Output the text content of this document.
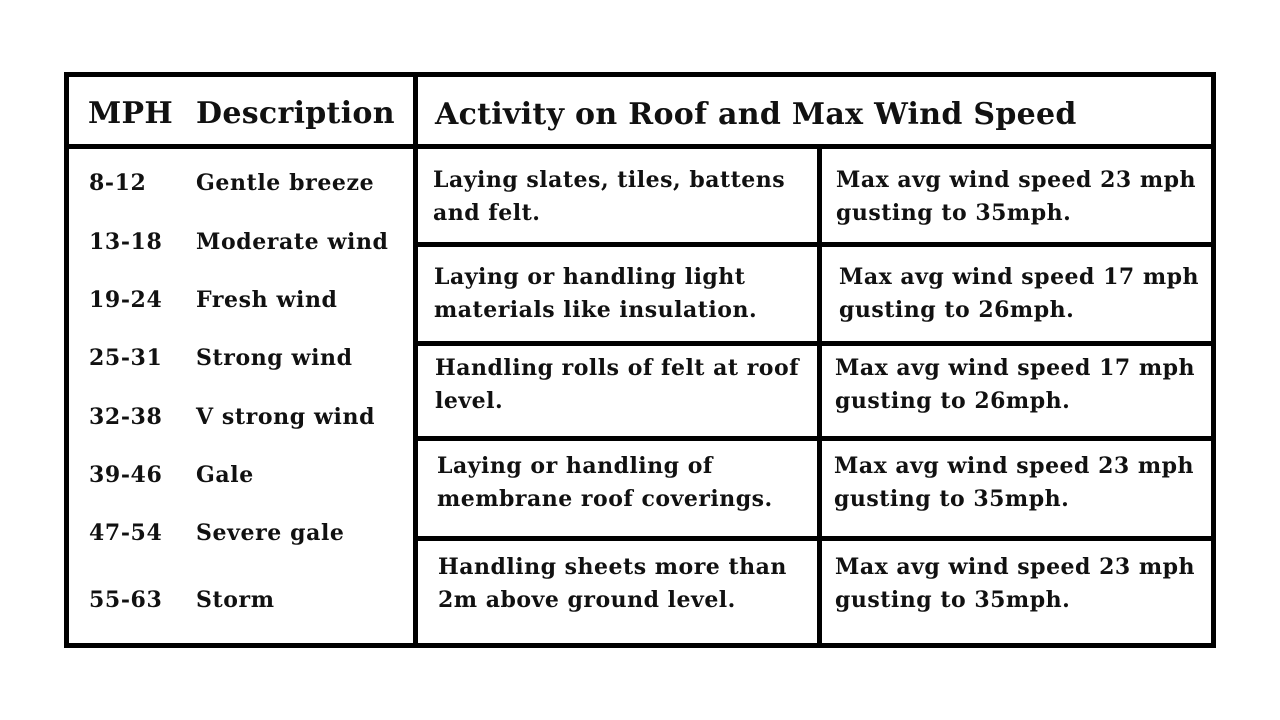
MPH Description Activity on Roof and Max Wind Speed
8-12 Gentle breeze
13-18 Moderate wind
19-24 Fresh wind
25-31 Strong wind
32-38 V strong wind
39-46 Gale
47-54 Severe gale
55-63 Storm
Laying slates, tiles, battens
and felt.
Max avg wind speed 23 mph
gusting to 35mph.
Laying or handling light
materials like insulation.
Max avg wind speed 17 mph
gusting to 26mph.
Handling rolls of felt at roof
level.
Max avg wind speed 17 mph
gusting to 26mph.
Laying or handling of
membrane roof coverings.
Max avg wind speed 23 mph
gusting to 35mph.
Handling sheets more than
2m above ground level.
Max avg wind speed 23 mph
gusting to 35mph.
